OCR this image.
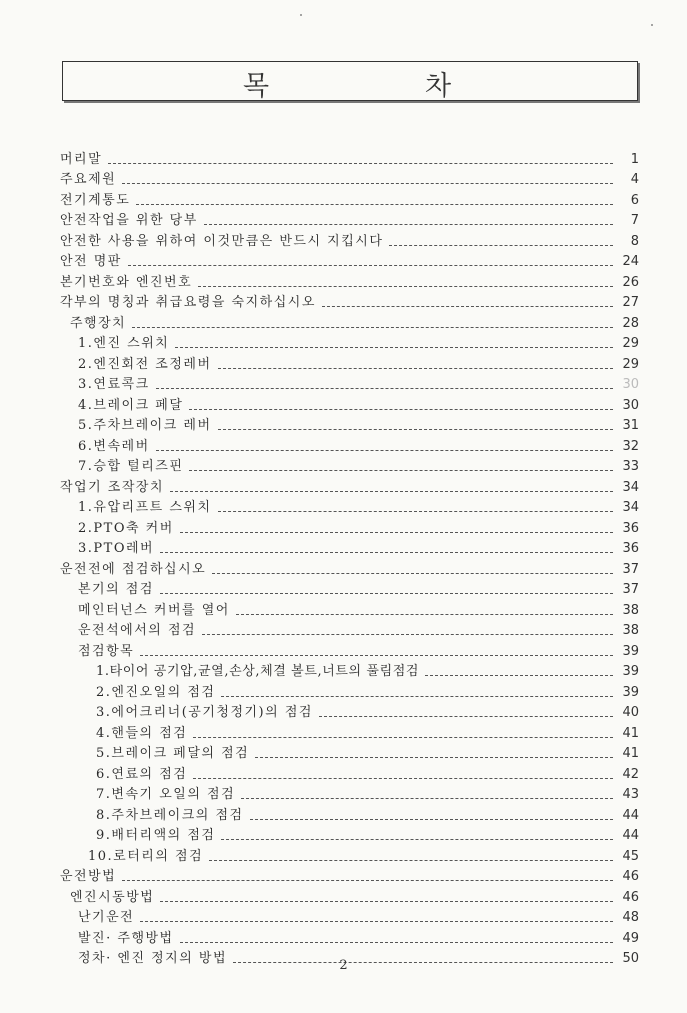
목	차
머리말	1
주요제원	4
전기계통도	6
안전작업을 위한 당부	7
안전한 사용을 위하여 이것만큼은 반드시 지킵시다	8
안전 명판	24
본기번호와 엔진번호	26
각부의 명칭과 취급요령을 숙지하십시오	27
주행장치	28
1.엔진 스위치	29
2.엔진회전 조정레버	29
3.연료콕크	30
4.브레이크 페달	30
5.주차브레이크 레버	31
6.변속레버	32
7.승합 털리즈핀	33
작업기 조작장치	34
1.유압리프트 스위치	34
2.PTO축 커버	36
3.PTO레버	36
운전전에 점검하십시오	37
본기의 점검	37
메인터넌스 커버를 열어	38
운전석에서의 점검	38
점검항목	39
1.타이어 공기압,균열,손상,체결 볼트,너트의 풀림점검	39
2.엔진오일의 점검	39
3.에어크리너(공기청정기)의 점검	40
4.핸들의 점검	41
5.브레이크 페달의 점검	41
6.연료의 점검	42
7.변속기 오일의 점검	43
8.주차브레이크의 점검	44
9.배터리액의 점검	44
10.로터리의 점검	45
운전방법	46
엔진시동방법	46
난기운전	48
발진· 주행방법	49
정차· 엔진 정지의 방법	50
2
